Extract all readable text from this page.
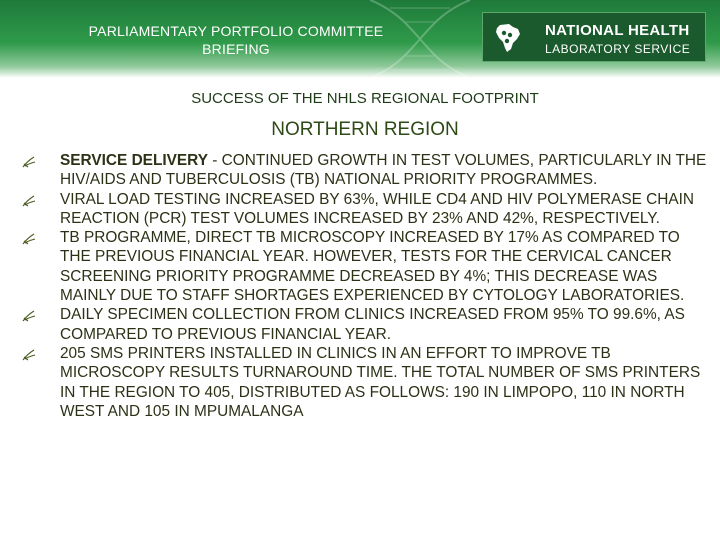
PARLIAMENTARY PORTFOLIO COMMITTEE
BRIEFING
NATIONAL HEALTH
LABORATORY SERVICE
SUCCESS OF THE NHLS REGIONAL FOOTPRINT
NORTHERN REGION
SERVICE DELIVERY - CONTINUED GROWTH IN TEST VOLUMES, PARTICULARLY IN THE HIV/AIDS AND TUBERCULOSIS (TB) NATIONAL PRIORITY PROGRAMMES.
VIRAL LOAD TESTING INCREASED BY 63%, WHILE CD4 AND HIV POLYMERASE CHAIN REACTION (PCR) TEST VOLUMES INCREASED BY 23% AND 42%, RESPECTIVELY.
TB PROGRAMME, DIRECT TB MICROSCOPY INCREASED BY 17% AS COMPARED TO THE PREVIOUS FINANCIAL YEAR. HOWEVER, TESTS FOR THE CERVICAL CANCER SCREENING PRIORITY PROGRAMME DECREASED BY 4%; THIS DECREASE WAS MAINLY DUE TO STAFF SHORTAGES EXPERIENCED BY CYTOLOGY LABORATORIES.
DAILY SPECIMEN COLLECTION FROM CLINICS INCREASED FROM 95% TO 99.6%, AS COMPARED TO PREVIOUS FINANCIAL YEAR.
205 SMS PRINTERS INSTALLED IN CLINICS IN AN EFFORT TO IMPROVE TB MICROSCOPY RESULTS TURNAROUND TIME. THE TOTAL NUMBER OF SMS PRINTERS IN THE REGION TO 405, DISTRIBUTED AS FOLLOWS: 190 IN LIMPOPO, 110 IN NORTH WEST AND 105 IN MPUMALANGA
